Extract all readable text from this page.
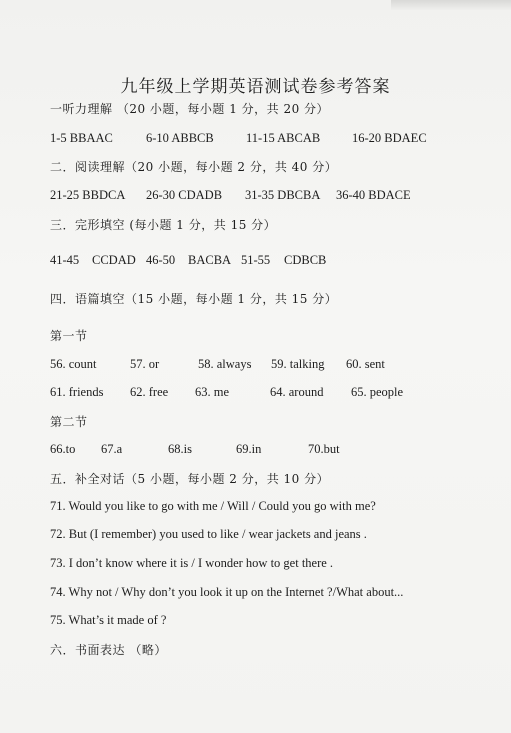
九年级上学期英语测试卷参考答案
一听力理解 （20 小题，每小题 1 分，共 20 分）
1-5 BBAAC	6-10 ABBCB	11-15 ABCAB	16-20 BDAEC
二．阅读理解（20 小题，每小题 2 分，共 40 分）
21-25 BBDCA 26-30 CDADB 31-35 DBCBA 36-40 BDACE
三．完形填空 (每小题 1 分，共 15 分）
41-45 CCDAD 46-50 BACBA 51-55 CDBCB
四．语篇填空（15 小题，每小题 1 分，共 15 分）
第一节
56. count	57. or	58. always 59. talking 60. sent
61. friends 62. free 63. me	64. around 65. people
第二节
66.to 67.a	68.is	69.in	70.but
五．补全对话（5 小题，每小题 2 分，共 10 分）
71. Would you like to go with me / Will / Could you go with me?
72. But (I remember) you used to like / wear jackets and jeans .
73. I don’t know where it is / I wonder how to get there .
74. Why not / Why don’t you look it up on the Internet ?/What about...
75. What’s it made of ?
六．书面表达 （略）
